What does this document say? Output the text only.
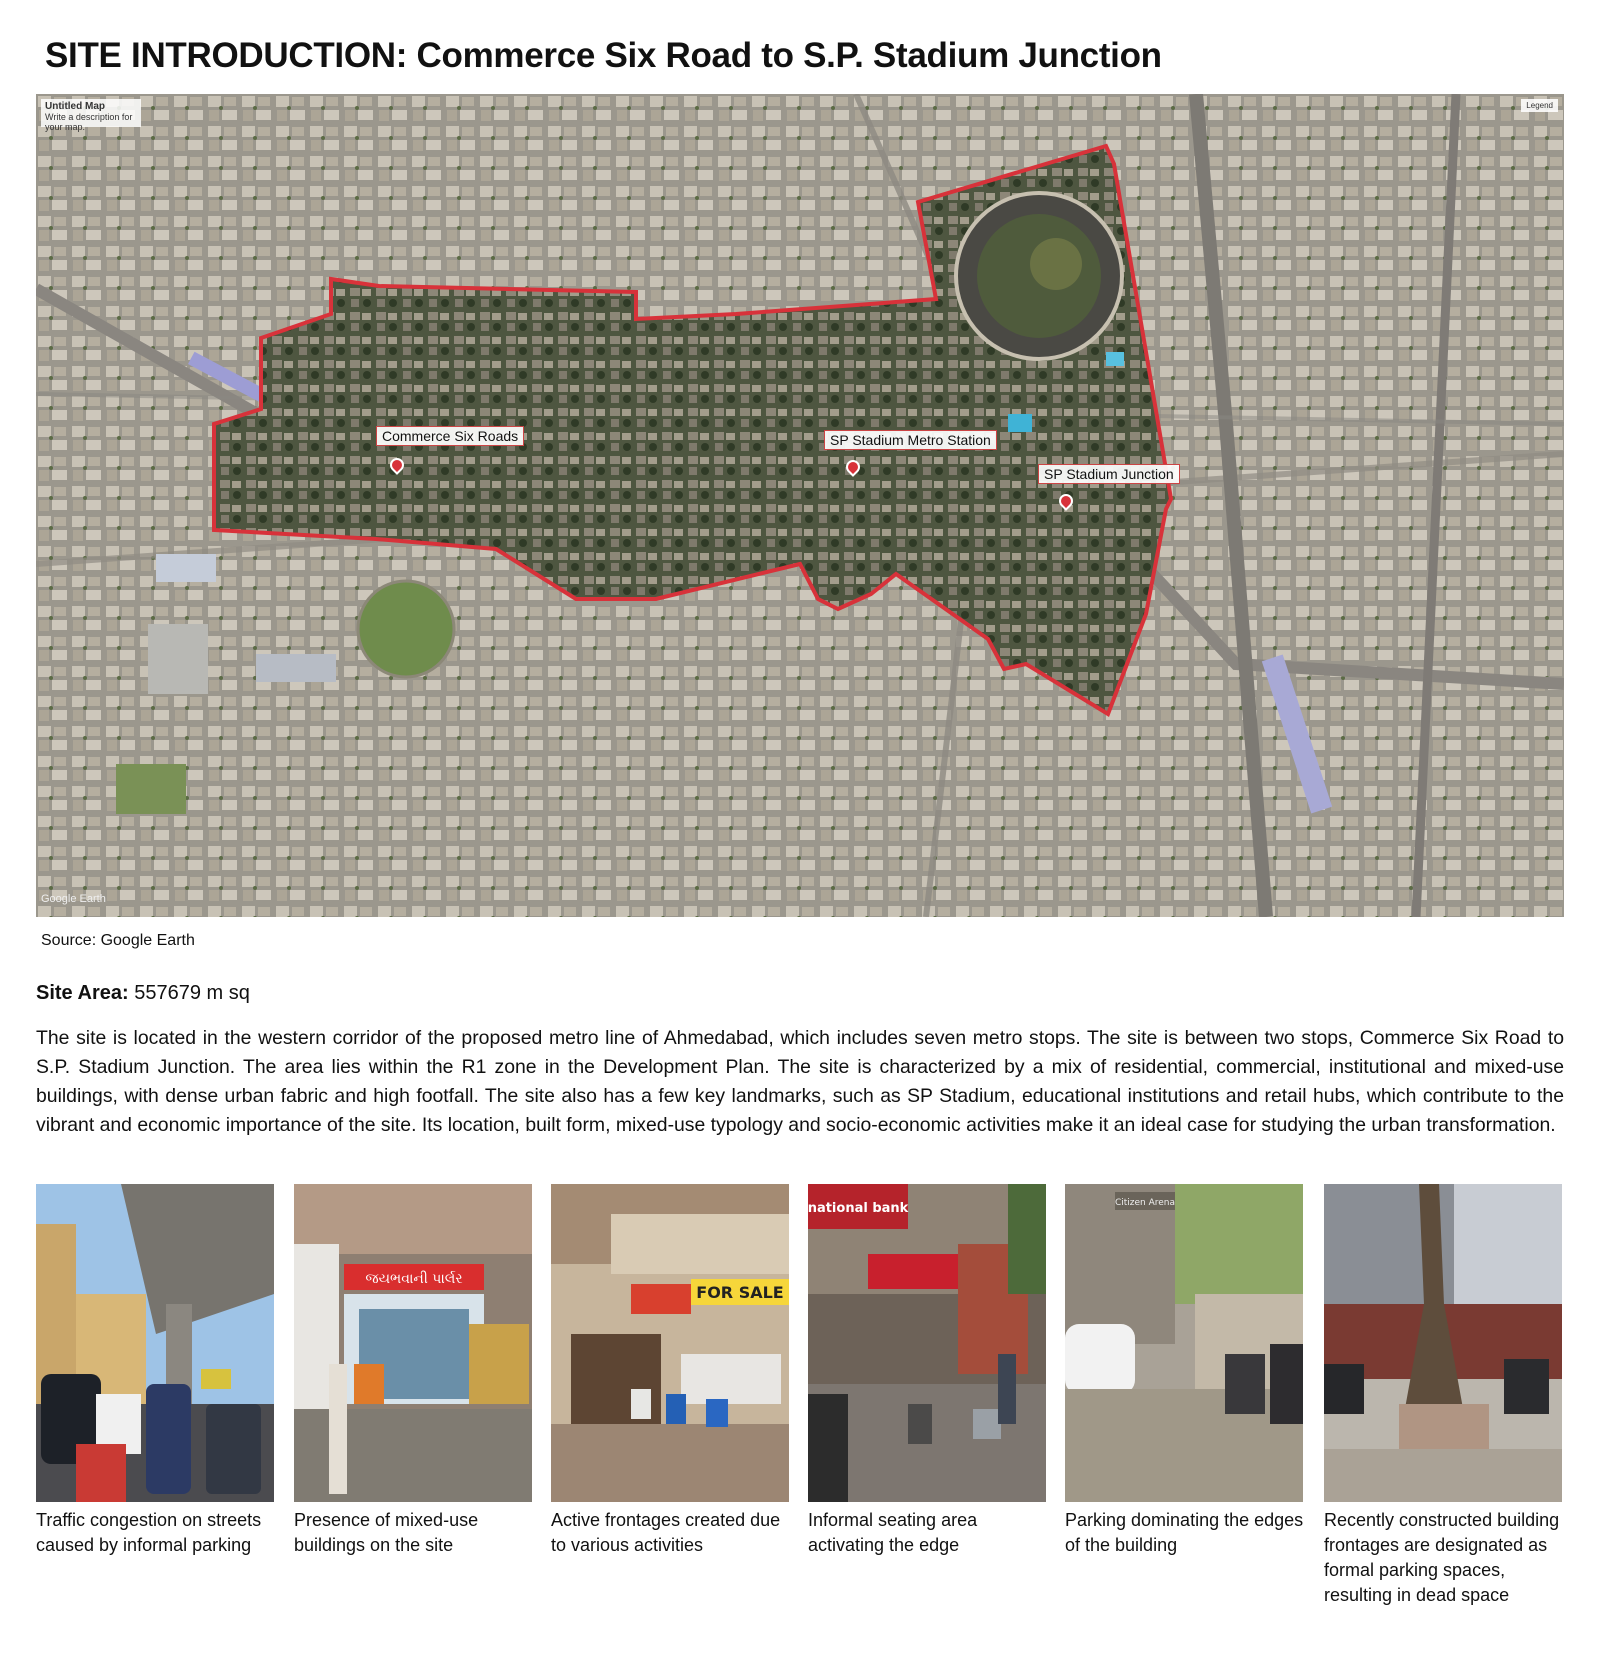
SITE INTRODUCTION: Commerce Six Road to S.P. Stadium Junction
Untitled Map
Write a description for your map.
Legend
Google Earth
Commerce Six Roads	SP Stadium Metro Station
SP Stadium Junction
Source: Google Earth
Site Area: 557679 m sq
The site is located in the western corridor of the proposed metro line of Ahmedabad, which includes seven metro stops. The site is between two stops, Commerce Six Road to S.P. Stadium Junction. The area lies within the R1 zone in the Development Plan. The site is characterized by a mix of residential, commercial, institutional and mixed-use buildings, with dense urban fabric and high footfall. The site also has a few key landmarks, such as SP Stadium, educational institutions and retail hubs, which contribute to the vibrant and economic importance of the site. Its location, built form, mixed-use typology and socio-economic activities make it an ideal case for studying the urban transformation.
જયભવાની પાર્લર
FOR SALE
national bank	Citizen Arena
Traffic congestion on streets caused by informal parking
Presence of mixed-use buildings on the site
Active frontages created due to various activities
Informal seating area activating the edge
Parking dominating the edges of the building
Recently constructed building frontages are designated as formal parking spaces, resulting in dead space
